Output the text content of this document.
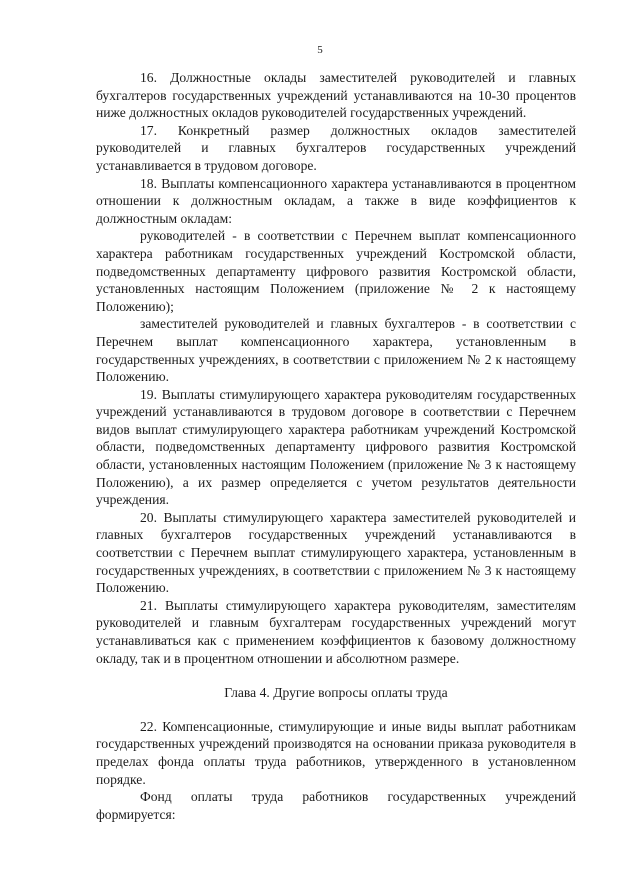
5

16. Должностные оклады заместителей руководителей и главных бухгалтеров государственных учреждений устанавливаются на 10-30 процентов ниже должностных окладов руководителей государственных учреждений.

17. Конкретный размер должностных окладов заместителей руководителей и главных бухгалтеров государственных учреждений устанавливается в трудовом договоре.

18. Выплаты компенсационного характера устанавливаются в процентном отношении к должностным окладам, а также в виде коэффициентов к должностным окладам:

руководителей - в соответствии с Перечнем выплат компенсационного характера работникам государственных учреждений Костромской области, подведомственных департаменту цифрового развития Костромской области, установленных настоящим Положением (приложение № 2 к настоящему Положению);

заместителей руководителей и главных бухгалтеров - в соответствии с Перечнем выплат компенсационного характера, установленным в государственных учреждениях, в соответствии с приложением № 2 к настоящему Положению.

19. Выплаты стимулирующего характера руководителям государственных учреждений устанавливаются в трудовом договоре в соответствии с Перечнем видов выплат стимулирующего характера работникам учреждений Костромской области, подведомственных департаменту цифрового развития Костромской области, установленных настоящим Положением (приложение № 3 к настоящему Положению), а их размер определяется с учетом результатов деятельности учреждения.

20. Выплаты стимулирующего характера заместителей руководителей и главных бухгалтеров государственных учреждений устанавливаются в соответствии с Перечнем выплат стимулирующего характера, установленным в государственных учреждениях, в соответствии с приложением № 3 к настоящему Положению.

21. Выплаты стимулирующего характера руководителям, заместителям руководителей и главным бухгалтерам государственных учреждений могут устанавливаться как с применением коэффициентов к базовому должностному окладу, так и в процентном отношении и абсолютном размере.

Глава 4. Другие вопросы оплаты труда

22. Компенсационные, стимулирующие и иные виды выплат работникам государственных учреждений производятся на основании приказа руководителя в пределах фонда оплаты труда работников, утвержденного в установленном порядке.

Фонд оплаты труда работников государственных учреждений формируется:
